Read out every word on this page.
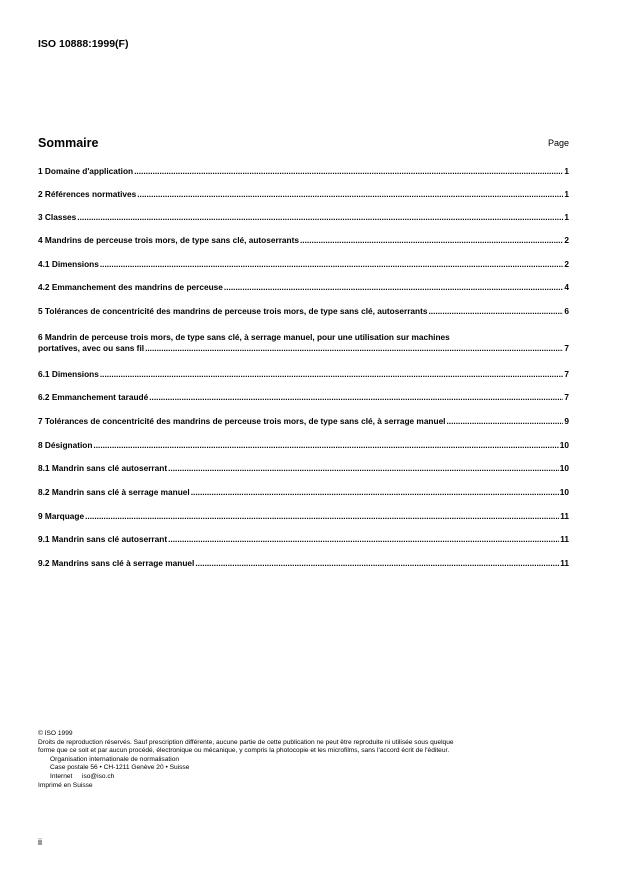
ISO 10888:1999(F)
Sommaire	Page
1 Domaine d'application .....	1
2 Références normatives .....	1
3 Classes .....	1
4 Mandrins de perceuse trois mors, de type sans clé, autoserrants .....	2
4.1 Dimensions .....	2
4.2 Emmanchement des mandrins de perceuse .....	4
5 Tolérances de concentricité des mandrins de perceuse trois mors, de type sans clé, autoserrants .....	6
6 Mandrin de perceuse trois mors, de type sans clé, à serrage manuel, pour une utilisation sur machines
portatives, avec ou sans fil .....	7
6.1 Dimensions .....	7
6.2 Emmanchement taraudé .....	7
7 Tolérances de concentricité des mandrins de perceuse trois mors, de type sans clé, à serrage manuel .....	9
8 Désignation .....	10
8.1 Mandrin sans clé autoserrant .....	10
8.2 Mandrin sans clé à serrage manuel .....	10
9 Marquage .....	11
9.1 Mandrin sans clé autoserrant .....	11
9.2 Mandrins sans clé à serrage manuel .....	11
© ISO 1999
Droits de reproduction réservés. Sauf prescription différente, aucune partie de cette publication ne peut être reproduite ni utilisée sous quelque
forme que ce soit et par aucun procédé, électronique ou mécanique, y compris la photocopie et les microfilms, sans l'accord écrit de l'éditeur.
Organisation internationale de normalisation
Case postale 56 • CH-1211 Genève 20 • Suisse
Internet iso@iso.ch
Imprimé en Suisse
ii
